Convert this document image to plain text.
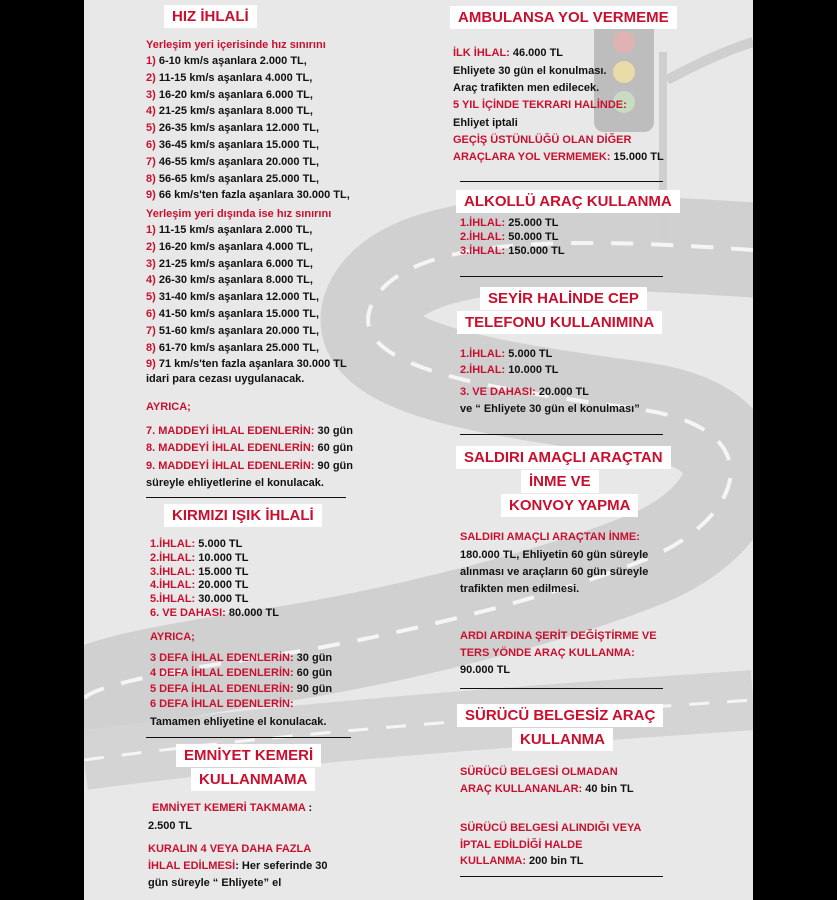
HIZ İHLALİ
Yerleşim yeri içerisinde hız sınırını
Yerleşim yeri dışında ise hız sınırını
idari para cezası uygulanacak.
AYRICA;
süreyle ehliyetlerine el konulacak.
KIRMIZI IŞIK İHLALİ
AYRICA;
Tamamen ehliyetine el konulacak.
EMNİYET KEMERİ
KULLANMAMA
EMNİYET KEMERİ TAKMAMA :
2.500 TL
KURALIN 4 VEYA DAHA FAZLA
İHLAL EDİLMESİ: Her seferinde 30
gün süreyle “ Ehliyete” el
AMBULANSA YOL VERMEME
İLK İHLAL: 46.000 TL
Ehliyete 30 gün el konulması.
Araç trafikten men edilecek.
5 YIL İÇİNDE TEKRARI HALİNDE:
Ehliyet iptali
GEÇİŞ ÜSTÜNLÜĞÜ OLAN DİĞER
ARAÇLARA YOL VERMEMEK: 15.000 TL
ALKOLLÜ ARAÇ KULLANMA
SEYİR HALİNDE CEP
TELEFONU KULLANIMINA
3. VE DAHASI: 20.000 TL
ve “ Ehliyete 30 gün el konulması”
SALDIRI AMAÇLI ARAÇTAN
İNME VE
KONVOY YAPMA
SALDIRI AMAÇLI ARAÇTAN İNME:
180.000 TL, Ehliyetin 60 gün süreyle
alınması ve araçların 60 gün süreyle
trafikten men edilmesi.
ARDI ARDINA ŞERİT DEĞİŞTİRME VE
TERS YÖNDE ARAÇ KULLANMA:
90.000 TL
SÜRÜCÜ BELGESİZ ARAÇ
KULLANMA
SÜRÜCÜ BELGESİ OLMADAN
ARAÇ KULLANANLAR: 40 bin TL
SÜRÜCÜ BELGESİ ALINDIĞI VEYA
İPTAL EDİLDİĞİ HALDE
KULLANMA: 200 bin TL
1) 6-10 km/s aşanlara 2.000 TL,
2) 11-15 km/s aşanlara 4.000 TL,
3) 16-20 km/s aşanlara 6.000 TL,
4) 21-25 km/s aşanlara 8.000 TL,
5) 26-35 km/s aşanlara 12.000 TL,
6) 36-45 km/s aşanlara 15.000 TL,
7) 46-55 km/s aşanlara 20.000 TL,
8) 56-65 km/s aşanlara 25.000 TL,
9) 66 km/s'ten fazla aşanlara 30.000 TL,
1) 11-15 km/s aşanlara 2.000 TL,
2) 16-20 km/s aşanlara 4.000 TL,
3) 21-25 km/s aşanlara 6.000 TL,
4) 26-30 km/s aşanlara 8.000 TL,
5) 31-40 km/s aşanlara 12.000 TL,
6) 41-50 km/s aşanlara 15.000 TL,
7) 51-60 km/s aşanlara 20.000 TL,
8) 61-70 km/s aşanlara 25.000 TL,
9) 71 km/s'ten fazla aşanlara 30.000 TL
7. MADDEYİ İHLAL EDENLERİN: 30 gün
8. MADDEYİ İHLAL EDENLERİN: 60 gün
9. MADDEYİ İHLAL EDENLERİN: 90 gün
1.İHLAL: 5.000 TL
2.İHLAL: 10.000 TL
3.İHLAL: 15.000 TL
4.İHLAL: 20.000 TL
5.İHLAL: 30.000 TL
6. VE DAHASI: 80.000 TL
3 DEFA İHLAL EDENLERİN: 30 gün
4 DEFA İHLAL EDENLERİN: 60 gün
5 DEFA İHLAL EDENLERİN: 90 gün
6 DEFA İHLAL EDENLERİN:
1.İHLAL: 25.000 TL
2.İHLAL: 50.000 TL
3.İHLAL: 150.000 TL
1.İHLAL: 5.000 TL
2.İHLAL: 10.000 TL
